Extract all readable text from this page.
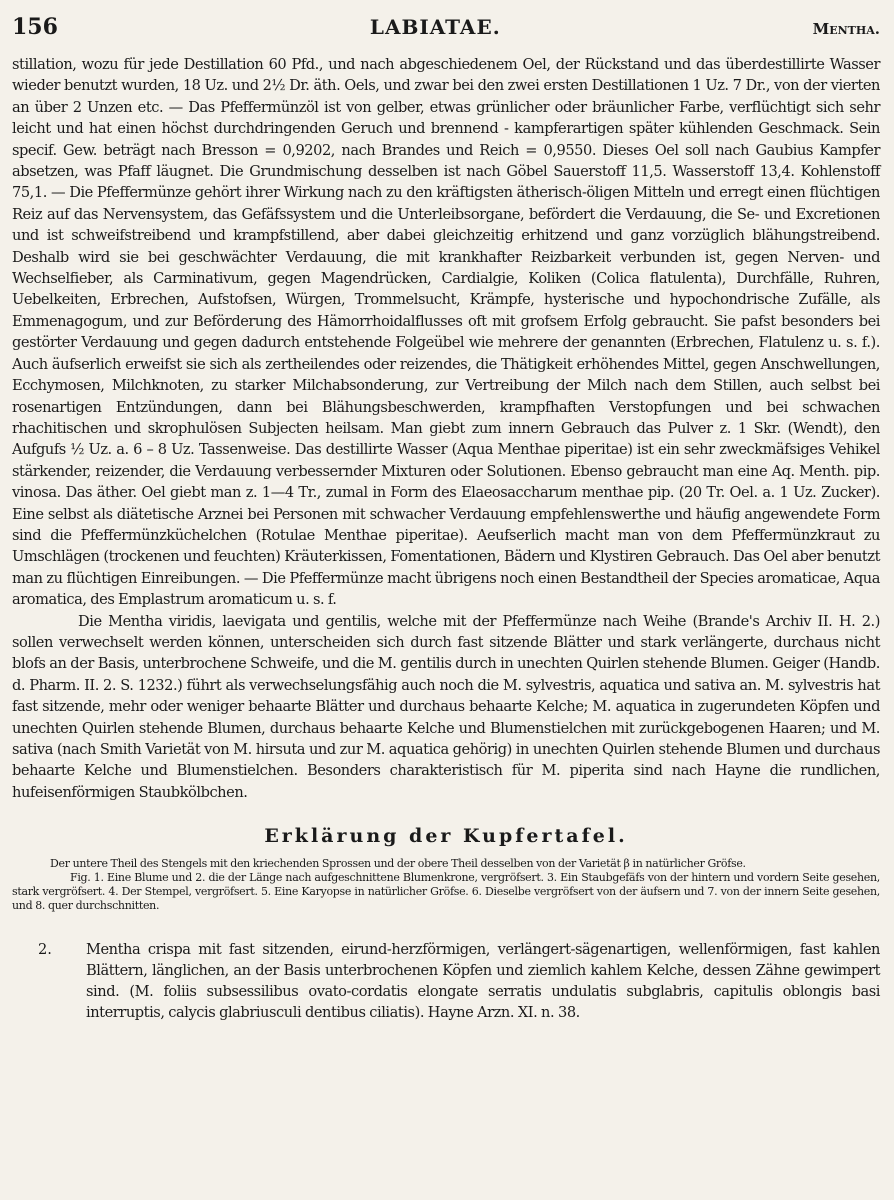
156	LABIATAE.	Mentha.

stillation, wozu für jede Destillation 60 Pfd., und nach abgeschiedenem Oel, der Rückstand und das überdestillirte Wasser wieder benutzt wurden, 18 Uz. und 2½ Dr. äth. Oels, und zwar bei den zwei ersten Destillationen 1 Uz. 7 Dr., von der vierten an über 2 Unzen etc. — Das Pfeffermünzöl ist von gelber, etwas grünlicher oder bräunlicher Farbe, verflüchtigt sich sehr leicht und hat einen höchst durchdringenden Geruch und brennend - kampferartigen später kühlenden Geschmack. Sein specif. Gew. beträgt nach Bresson = 0,9202, nach Brandes und Reich = 0,9550. Dieses Oel soll nach Gaubius Kampfer absetzen, was Pfaff läugnet. Die Grundmischung desselben ist nach Göbel Sauerstoff 11,5. Wasserstoff 13,4. Kohlenstoff 75,1. — Die Pfeffermünze gehört ihrer Wirkung nach zu den kräftigsten ätherisch-öligen Mitteln und erregt einen flüchtigen Reiz auf das Nervensystem, das Gefäfssystem und die Unterleibsorgane, befördert die Verdauung, die Se- und Excretionen und ist schweifstreibend und krampfstillend, aber dabei gleichzeitig erhitzend und ganz vorzüglich blähungstreibend. Deshalb wird sie bei geschwächter Verdauung, die mit krankhafter Reizbarkeit verbunden ist, gegen Nerven- und Wechselfieber, als Carminativum, gegen Magendrücken, Cardialgie, Koliken (Colica flatulenta), Durchfälle, Ruhren, Uebelkeiten, Erbrechen, Aufstofsen, Würgen, Trommelsucht, Krämpfe, hysterische und hypochondrische Zufälle, als Emmenagogum, und zur Beförderung des Hämorrhoidalflusses oft mit grofsem Erfolg gebraucht. Sie pafst besonders bei gestörter Verdauung und gegen dadurch entstehende Folgeübel wie mehrere der genannten (Erbrechen, Flatulenz u. s. f.). Auch äufserlich erweifst sie sich als zertheilendes oder reizendes, die Thätigkeit erhöhendes Mittel, gegen Anschwellungen, Ecchymosen, Milchknoten, zu starker Milchabsonderung, zur Vertreibung der Milch nach dem Stillen, auch selbst bei rosenartigen Entzündungen, dann bei Blähungsbeschwerden, krampfhaften Verstopfungen und bei schwachen rhachitischen und skrophulösen Subjecten heilsam. Man giebt zum innern Gebrauch das Pulver z. 1 Skr. (Wendt), den Aufgufs ½ Uz. a. 6 – 8 Uz. Tassenweise. Das destillirte Wasser (Aqua Menthae piperitae) ist ein sehr zweckmäfsiges Vehikel stärkender, reizender, die Verdauung verbessernder Mixturen oder Solutionen. Ebenso gebraucht man eine Aq. Menth. pip. vinosa. Das äther. Oel giebt man z. 1—4 Tr., zumal in Form des Elaeosaccharum menthae pip. (20 Tr. Oel. a. 1 Uz. Zucker). Eine selbst als diätetische Arznei bei Personen mit schwacher Verdauung empfehlenswerthe und häufig angewendete Form sind die Pfeffermünzküchelchen (Rotulae Menthae piperitae). Aeufserlich macht man von dem Pfeffermünzkraut zu Umschlägen (trockenen und feuchten) Kräuterkissen, Fomentationen, Bädern und Klystiren Gebrauch. Das Oel aber benutzt man zu flüchtigen Einreibungen. — Die Pfeffermünze macht übrigens noch einen Bestandtheil der Species aromaticae, Aqua aromatica, des Emplastrum aromaticum u. s. f.

Die Mentha viridis, laevigata und gentilis, welche mit der Pfeffermünze nach Weihe (Brande's Archiv II. H. 2.) sollen verwechselt werden können, unterscheiden sich durch fast sitzende Blätter und stark verlängerte, durchaus nicht blofs an der Basis, unterbrochene Schweife, und die M. gentilis durch in unechten Quirlen stehende Blumen. Geiger (Handb. d. Pharm. II. 2. S. 1232.) führt als verwechselungsfähig auch noch die M. sylvestris, aquatica und sativa an. M. sylvestris hat fast sitzende, mehr oder weniger behaarte Blätter und durchaus behaarte Kelche; M. aquatica in zugerundeten Köpfen und unechten Quirlen stehende Blumen, durchaus behaarte Kelche und Blumenstielchen mit zurückgebogenen Haaren; und M. sativa (nach Smith Varietät von M. hirsuta und zur M. aquatica gehörig) in unechten Quirlen stehende Blumen und durchaus behaarte Kelche und Blumenstielchen. Besonders charakteristisch für M. piperita sind nach Hayne die rundlichen, hufeisenförmigen Staubkölbchen.

Erklärung der Kupfertafel.

Der untere Theil des Stengels mit den kriechenden Sprossen und der obere Theil desselben von der Varietät β in natürlicher Gröfse.

Fig. 1. Eine Blume und 2. die der Länge nach aufgeschnittene Blumenkrone, vergröfsert. 3. Ein Staubgefäfs von der hintern und vordern Seite gesehen, stark vergröfsert. 4. Der Stempel, vergröfsert. 5. Eine Karyopse in natürlicher Gröfse. 6. Dieselbe vergröfsert von der äufsern und 7. von der innern Seite gesehen, und 8. quer durchschnitten.

2.	Mentha crispa mit fast sitzenden, eirund-herzförmigen, verlängert-sägenartigen, wellenförmigen, fast kahlen Blättern, länglichen, an der Basis unterbrochenen Köpfen und ziemlich kahlem Kelche, dessen Zähne gewimpert sind. (M. foliis subsessilibus ovato-cordatis elongate serratis undulatis subglabris, capitulis oblongis basi interruptis, calycis glabriusculi dentibus ciliatis). Hayne Arzn. XI. n. 38.
